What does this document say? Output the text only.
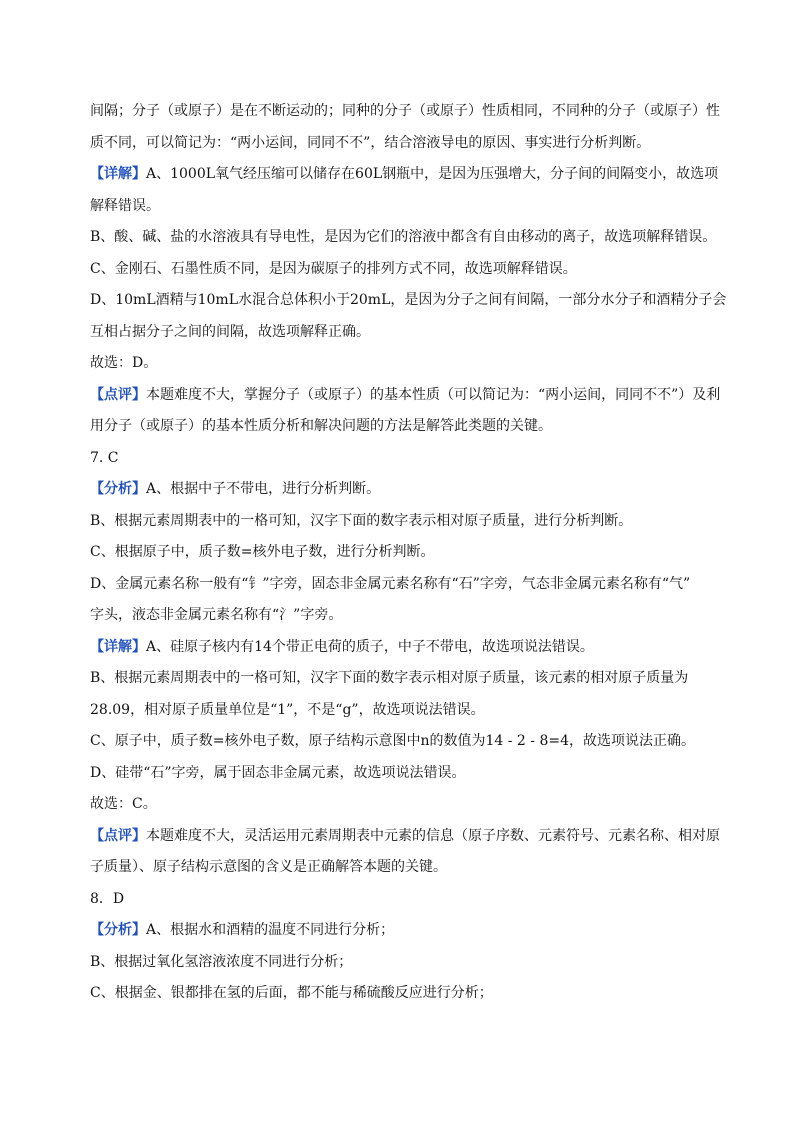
间隔；分子（或原子）是在不断运动的；同种的分子（或原子）性质相同，不同种的分子（或原子）性
质不同，可以简记为：“两小运间，同同不不”，结合溶液导电的原因、事实进行分析判断。
【详解】A、1000L氧气经压缩可以储存在60L钢瓶中，是因为压强增大，分子间的间隔变小，故选项
解释错误。
B、酸、碱、盐的水溶液具有导电性，是因为它们的溶液中都含有自由移动的离子，故选项解释错误。
C、金刚石、石墨性质不同，是因为碳原子的排列方式不同，故选项解释错误。
D、10mL酒精与10mL水混合总体积小于20mL，是因为分子之间有间隔，一部分水分子和酒精分子会
互相占据分子之间的间隔，故选项解释正确。
故选：D。
【点评】本题难度不大，掌握分子（或原子）的基本性质（可以简记为：“两小运间，同同不不”）及利
用分子（或原子）的基本性质分析和解决问题的方法是解答此类题的关键。
7. C
【分析】A、根据中子不带电，进行分析判断。
B、根据元素周期表中的一格可知，汉字下面的数字表示相对原子质量，进行分析判断。
C、根据原子中，质子数=核外电子数，进行分析判断。
D、金属元素名称一般有“钅”字旁，固态非金属元素名称有“石”字旁，气态非金属元素名称有“气”
字头，液态非金属元素名称有“氵”字旁。
【详解】A、硅原子核内有14个带正电荷的质子，中子不带电，故选项说法错误。
B、根据元素周期表中的一格可知，汉字下面的数字表示相对原子质量，该元素的相对原子质量为
28.09，相对原子质量单位是“1”，不是“g”，故选项说法错误。
C、原子中，质子数=核外电子数，原子结构示意图中n的数值为14 - 2 - 8=4，故选项说法正确。
D、硅带“石”字旁，属于固态非金属元素，故选项说法错误。
故选：C。
【点评】本题难度不大，灵活运用元素周期表中元素的信息（原子序数、元素符号、元素名称、相对原
子质量）、原子结构示意图的含义是正确解答本题的关键。
8．D
【分析】A、根据水和酒精的温度不同进行分析；
B、根据过氧化氢溶液浓度不同进行分析；
C、根据金、银都排在氢的后面，都不能与稀硫酸反应进行分析；
